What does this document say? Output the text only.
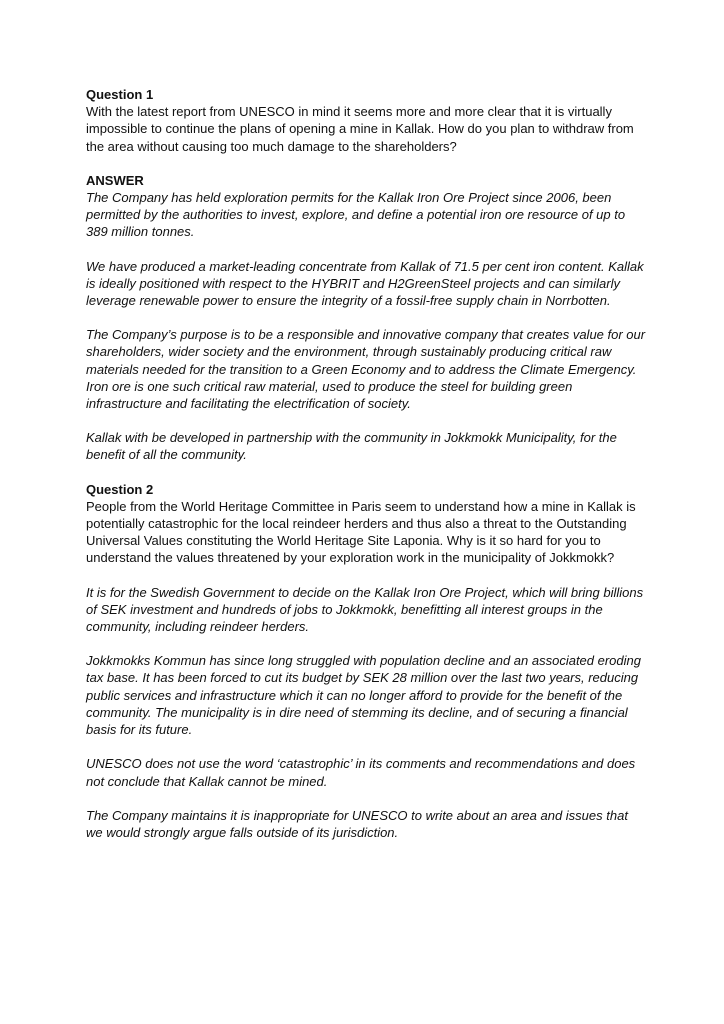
Question 1

With the latest report from UNESCO in mind it seems more and more clear that it is virtually impossible to continue the plans of opening a mine in Kallak. How do you plan to withdraw from the area without causing too much damage to the shareholders?

ANSWER

The Company has held exploration permits for the Kallak Iron Ore Project since 2006, been permitted by the authorities to invest, explore, and define a potential iron ore resource of up to 389 million tonnes.

We have produced a market-leading concentrate from Kallak of 71.5 per cent iron content. Kallak is ideally positioned with respect to the HYBRIT and H2GreenSteel projects and can similarly leverage renewable power to ensure the integrity of a fossil-free supply chain in Norrbotten.

The Company’s purpose is to be a responsible and innovative company that creates value for our shareholders, wider society and the environment, through sustainably producing critical raw materials needed for the transition to a Green Economy and to address the Climate Emergency. Iron ore is one such critical raw material, used to produce the steel for building green infrastructure and facilitating the electrification of society.

Kallak with be developed in partnership with the community in Jokkmokk Municipality, for the benefit of all the community.

Question 2

People from the World Heritage Committee in Paris seem to understand how a mine in Kallak is potentially catastrophic for the local reindeer herders and thus also a threat to the Outstanding Universal Values constituting the World Heritage Site Laponia. Why is it so hard for you to understand the values threatened by your exploration work in the municipality of Jokkmokk?

It is for the Swedish Government to decide on the Kallak Iron Ore Project, which will bring billions of SEK investment and hundreds of jobs to Jokkmokk, benefitting all interest groups in the community, including reindeer herders.

Jokkmokks Kommun has since long struggled with population decline and an associated eroding tax base. It has been forced to cut its budget by SEK 28 million over the last two years, reducing public services and infrastructure which it can no longer afford to provide for the benefit of the community. The municipality is in dire need of stemming its decline, and of securing a financial basis for its future.

UNESCO does not use the word ‘catastrophic’ in its comments and recommendations and does not conclude that Kallak cannot be mined.

The Company maintains it is inappropriate for UNESCO to write about an area and issues that we would strongly argue falls outside of its jurisdiction.
